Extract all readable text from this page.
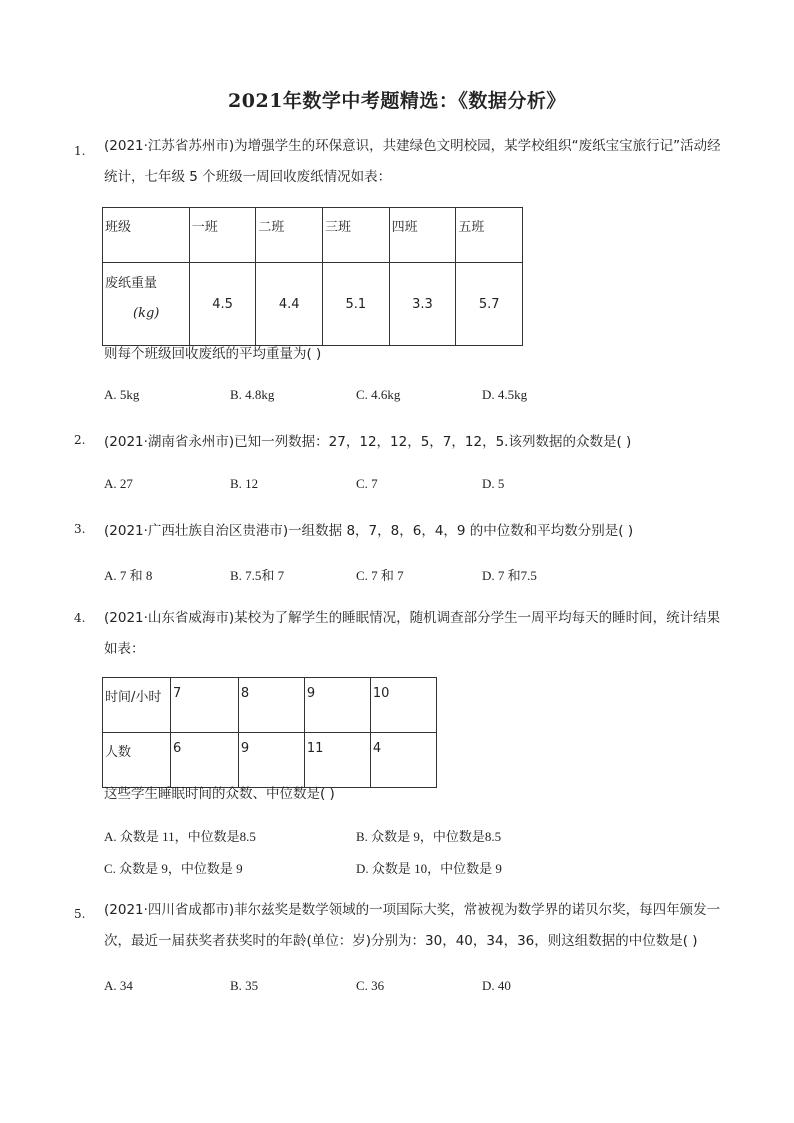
2021年数学中考题精选：《数据分析》
1. (2021·江苏省苏州市)为增强学生的环保意识，共建绿色文明校园，某学校组织“废纸宝宝旅行记”活动经统计，七年级 5 个班级一周回收废纸情况如表：
班级	一班	二班	三班	四班	五班

废纸重量
(kg)	4.5	4.4	5.1	3.3	5.7
则每个班级回收废纸的平均重量为( )
A. 5kg	B. 4.8kg	C. 4.6kg	D. 4.5kg
2. (2021·湖南省永州市)已知一列数据：27，12，12，5，7，12，5.该列数据的众数是( )
A. 27	B. 12	C. 7	D. 5
3. (2021·广西壮族自治区贵港市)一组数据 8，7，8，6，4，9 的中位数和平均数分别是( )
A. 7 和 8	B. 7.5和 7	C. 7 和 7	D. 7 和7.5
4. (2021·山东省威海市)某校为了解学生的睡眠情况，随机调查部分学生一周平均每天的睡时间，统计结果如表：
时间/小时	7	8	9	10
人数	6	9	11	4
这些学生睡眠时间的众数、中位数是( )
A. 众数是 11，中位数是8.5	B. 众数是 9，中位数是8.5
C. 众数是 9，中位数是 9	D. 众数是 10，中位数是 9
5. (2021·四川省成都市)菲尔兹奖是数学领域的一项国际大奖，常被视为数学界的诺贝尔奖，每四年颁发一次，最近一届获奖者获奖时的年龄(单位：岁)分别为：30，40，34，36，则这组数据的中位数是( )
A. 34	B. 35	C. 36	D. 40
